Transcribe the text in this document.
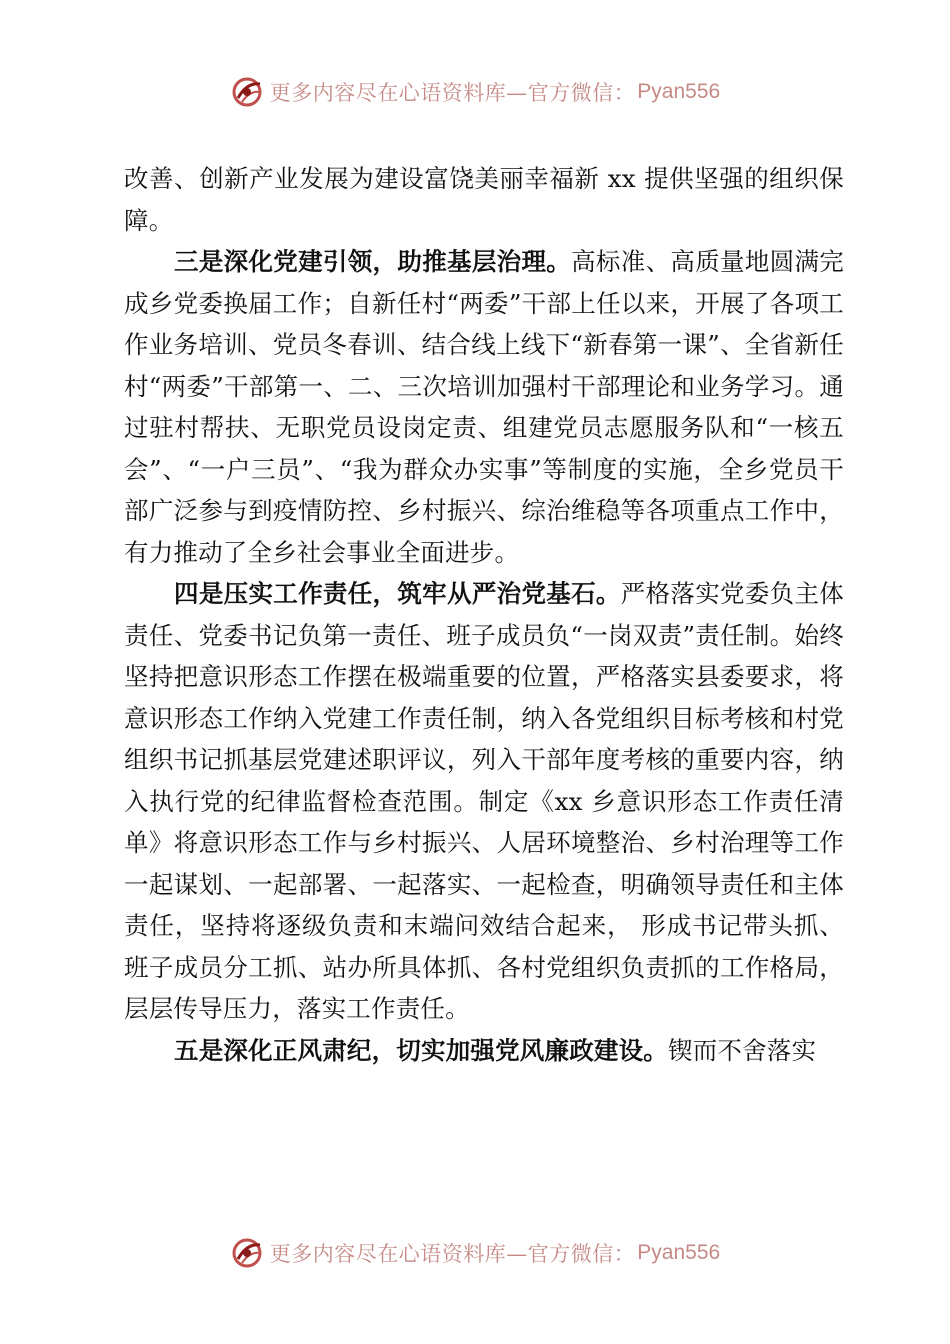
更多内容尽在心语资料库—官方微信： Pyan556

改善、创新产业发展为建设富饶美丽幸福新 xx 提供坚强的组织保障。

三是深化党建引领，助推基层治理。高标准、高质量地圆满完成乡党委换届工作；自新任村“两委”干部上任以来，开展了各项工作业务培训、党员冬春训、结合线上线下“新春第一课”、全省新任村“两委”干部第一、二、三次培训加强村干部理论和业务学习。通过驻村帮扶、无职党员设岗定责、组建党员志愿服务队和“一核五会”、“一户三员”、“我为群众办实事”等制度的实施，全乡党员干部广泛参与到疫情防控、乡村振兴、综治维稳等各项重点工作中，有力推动了全乡社会事业全面进步。

四是压实工作责任，筑牢从严治党基石。严格落实党委负主体责任、党委书记负第一责任、班子成员负“一岗双责”责任制。始终坚持把意识形态工作摆在极端重要的位置，严格落实县委要求，将意识形态工作纳入党建工作责任制，纳入各党组织目标考核和村党组织书记抓基层党建述职评议，列入干部年度考核的重要内容，纳入执行党的纪律监督检查范围。制定《xx 乡意识形态工作责任清单》将意识形态工作与乡村振兴、人居环境整治、乡村治理等工作一起谋划、一起部署、一起落实、一起检查，明确领导责任和主体责任，坚持将逐级负责和末端问效结合起来， 形成书记带头抓、班子成员分工抓、站办所具体抓、各村党组织负责抓的工作格局，层层传导压力，落实工作责任。

五是深化正风肃纪，切实加强党风廉政建设。锲而不舍落实

更多内容尽在心语资料库—官方微信： Pyan556
